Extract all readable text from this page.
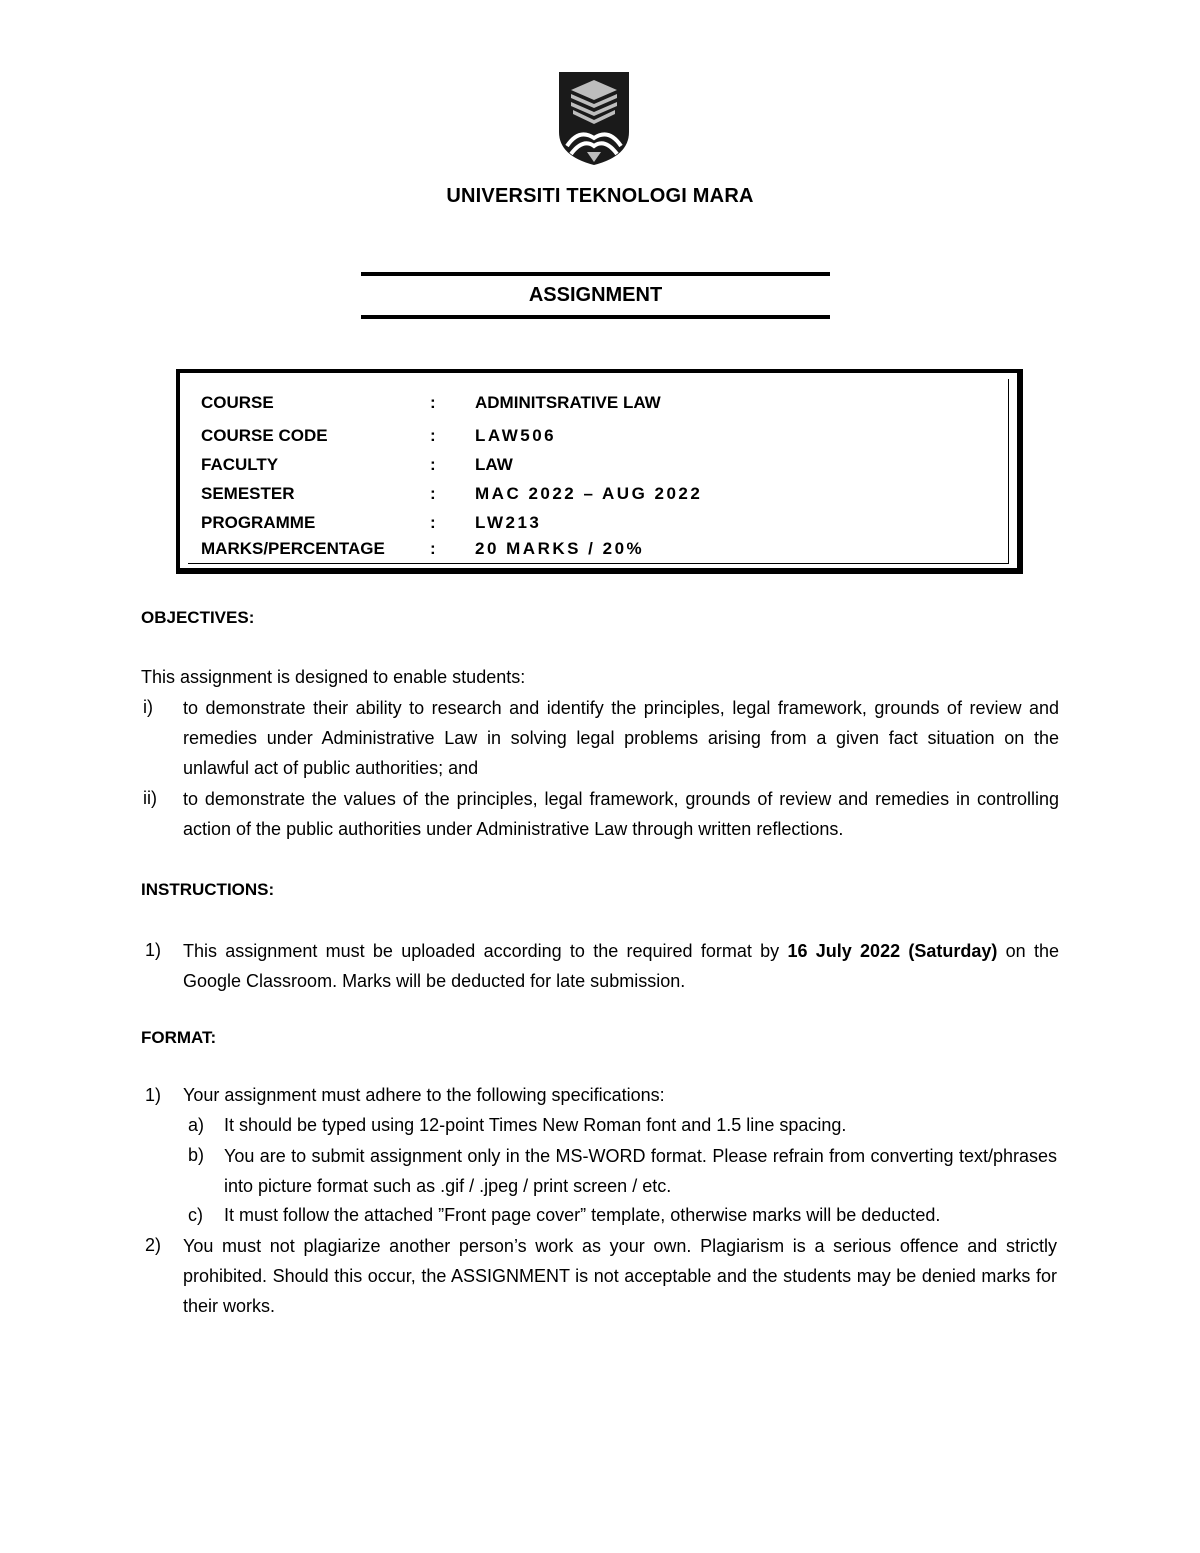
UNIVERSITI TEKNOLOGI MARA
ASSIGNMENT
COURSE	: ADMINITSRATIVE LAW
COURSE CODE	: LAW506
FACULTY	: LAW
SEMESTER	: MAC 2022 – AUG 2022
PROGRAMME	: LW213
MARKS/PERCENTAGE	: 20 MARKS / 20%
OBJECTIVES:
This assignment is designed to enable students:
i) to demonstrate their ability to research and identify the principles, legal framework, grounds of review and remedies under Administrative Law in solving legal problems arising from a given fact situation on the unlawful act of public authorities; and
ii) to demonstrate the values of the principles, legal framework, grounds of review and remedies in controlling action of the public authorities under Administrative Law through written reflections.
INSTRUCTIONS:
1) This assignment must be uploaded according to the required format by 16 July 2022 (Saturday) on the Google Classroom. Marks will be deducted for late submission.
FORMAT:
1) Your assignment must adhere to the following specifications:
a) It should be typed using 12-point Times New Roman font and 1.5 line spacing.
b) You are to submit assignment only in the MS-WORD format. Please refrain from converting text/phrases into picture format such as .gif / .jpeg / print screen / etc.
c) It must follow the attached ”Front page cover” template, otherwise marks will be deducted.
2) You must not plagiarize another person’s work as your own. Plagiarism is a serious offence and strictly prohibited. Should this occur, the ASSIGNMENT is not acceptable and the students may be denied marks for their works.
